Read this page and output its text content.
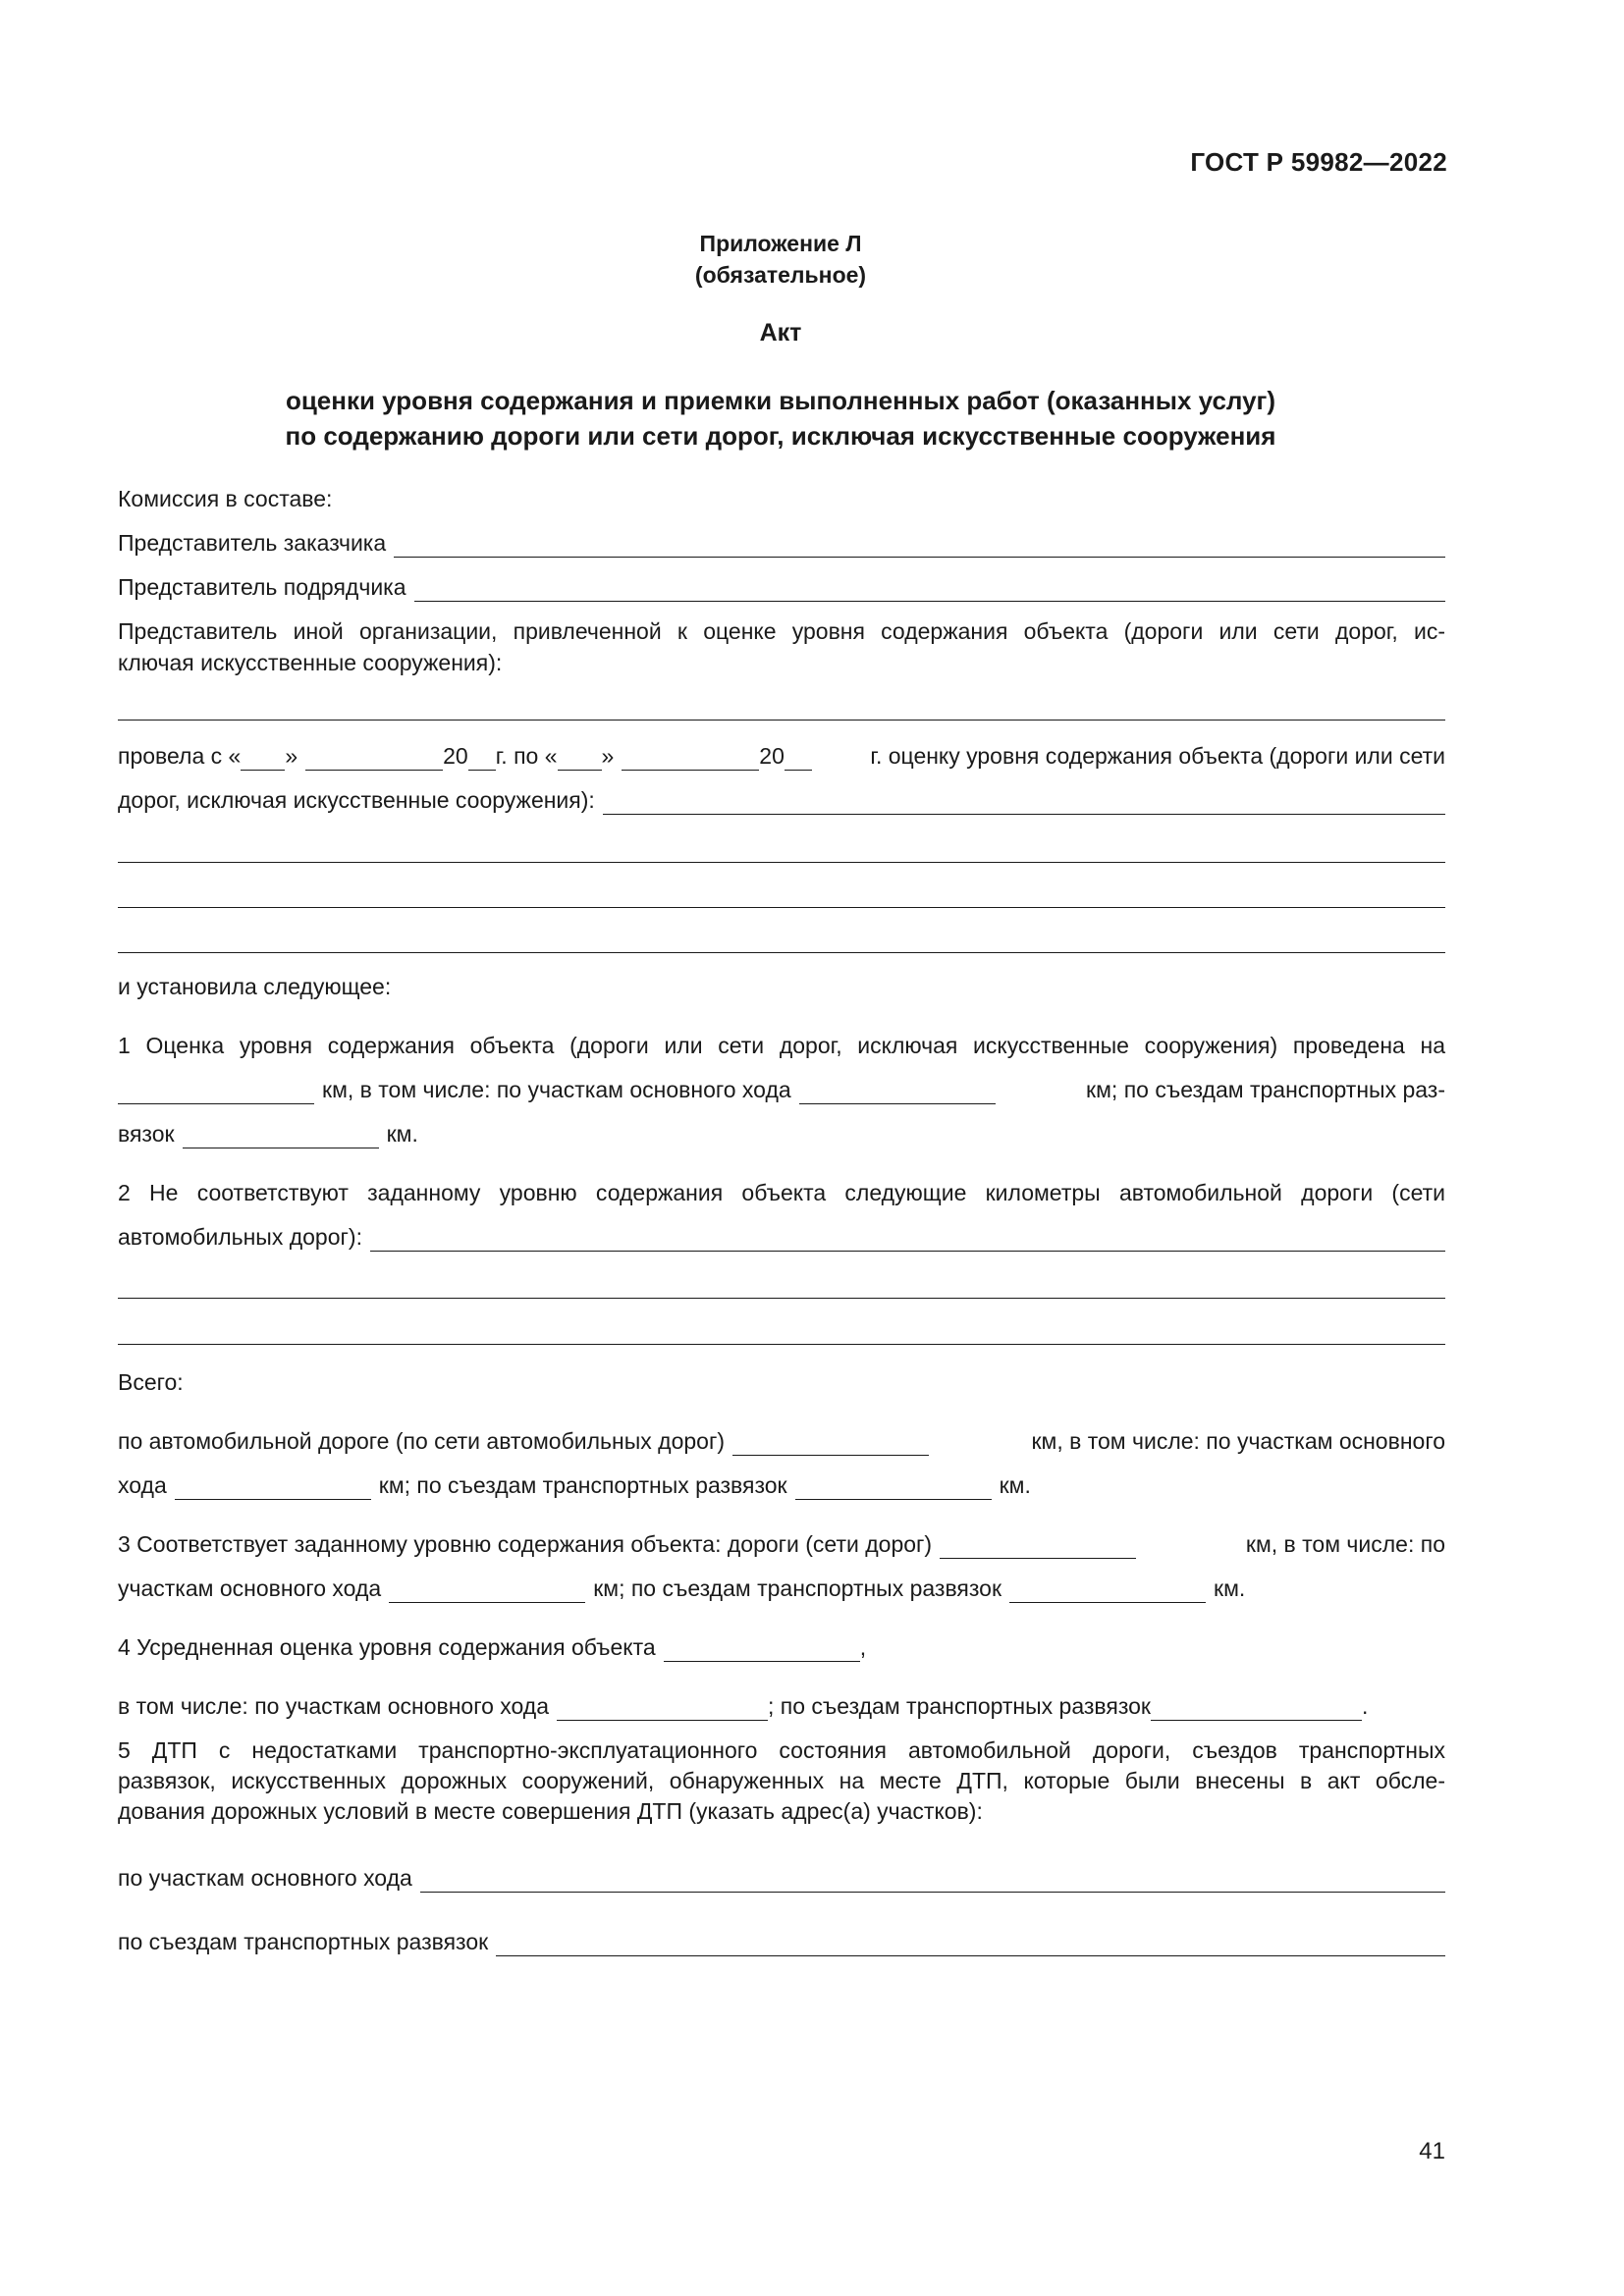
ГОСТ Р 59982—2022
Приложение Л
(обязательное)
Акт
оценки уровня содержания и приемки выполненных работ (оказанных услуг)
по содержанию дороги или сети дорог, исключая искусственные сооружения
Комиссия в составе:
Представитель заказчика
Представитель подрядчика
Представитель иной организации, привлеченной к оценке уровня содержания объекта (дороги или сети дорог, ис-
ключая искусственные сооружения):
провела с « »	20 г. по « »	20	г. оценку уровня содержания объекта (дороги или сети
дорог, исключая искусственные сооружения):
и установила следующее:
1 Оценка уровня содержания объекта (дороги или сети дорог, исключая искусственные сооружения) проведена на
км, в том числе: по участкам основного хода	км; по съездам транспортных раз-
вязок	км.
2 Не соответствуют заданному уровню содержания объекта следующие километры автомобильной дороги (сети
автомобильных дорог):
Всего:
по автомобильной дороге (по сети автомобильных дорог)	км, в том числе: по участкам основного
хода	км; по съездам транспортных развязок	км.
3 Соответствует заданному уровню содержания объекта: дороги (сети дорог)	км, в том числе: по
участкам основного хода	км; по съездам транспортных развязок	км.
4 Усредненная оценка уровня содержания объекта	,
в том числе: по участкам основного хода	; по съездам транспортных развязок	.
5 ДТП с недостатками транспортно-эксплуатационного состояния автомобильной дороги, съездов транспортных
развязок, искусственных дорожных сооружений, обнаруженных на месте ДТП, которые были внесены в акт обсле-
дования дорожных условий в месте совершения ДТП (указать адрес(а) участков):
по участкам основного хода
по съездам транспортных развязок
41
